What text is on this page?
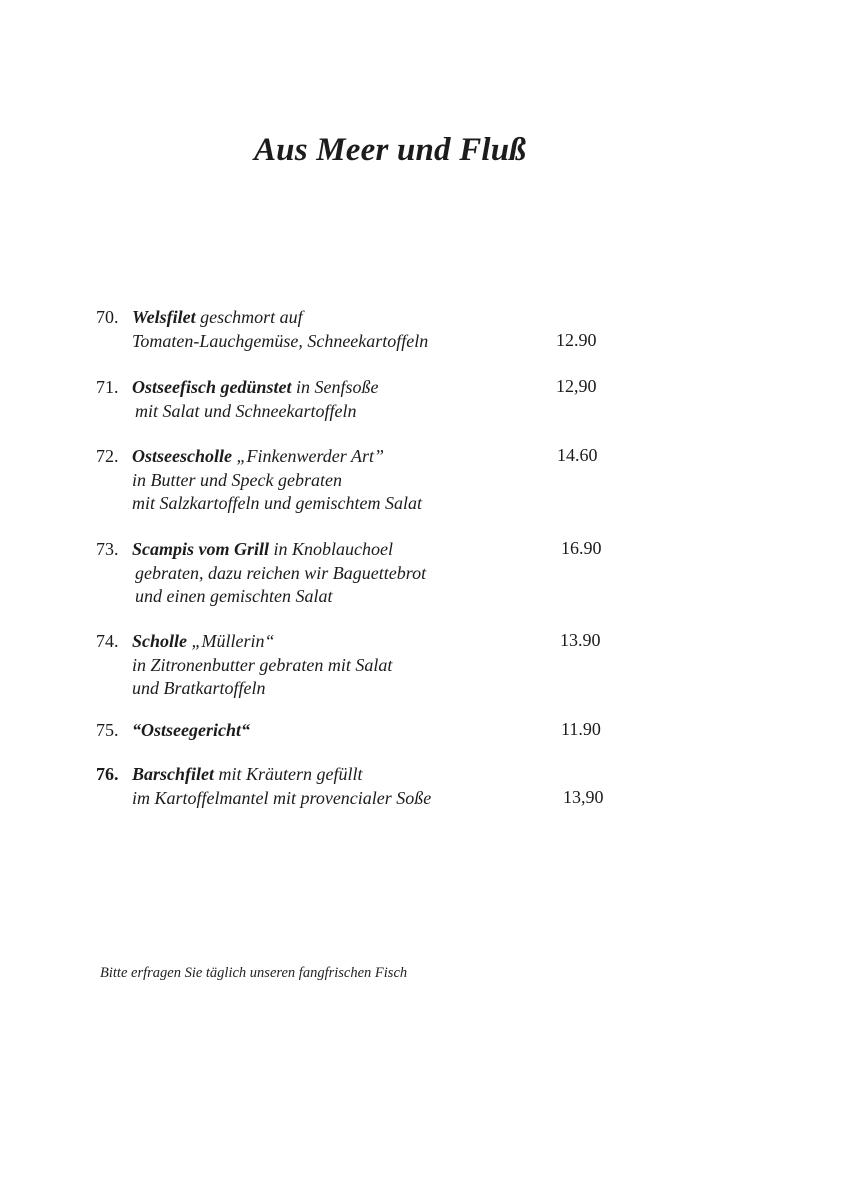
Aus Meer und Fluß
70. Welsfilet geschmort auf
Tomaten-Lauchgemüse, Schneekartoffeln	12.90
71. Ostseefisch gedünstet in Senfsoße
mit Salat und Schneekartoffeln
12,90
72. Ostseescholle „Finkenwerder Art”
in Butter und Speck gebraten
mit Salzkartoffeln und gemischtem Salat
14.60
73. Scampis vom Grill in Knoblauchoel
gebraten, dazu reichen wir Baguettebrot
und einen gemischten Salat
16.90
74. Scholle „Müllerin“
in Zitronenbutter gebraten mit Salat
und Bratkartoffeln
13.90
75. “Ostseegericht“	11.90
76. Barschfilet mit Kräutern gefüllt
im Kartoffelmantel mit provencialer Soße	13,90
Bitte erfragen Sie täglich unseren fangfrischen Fisch
